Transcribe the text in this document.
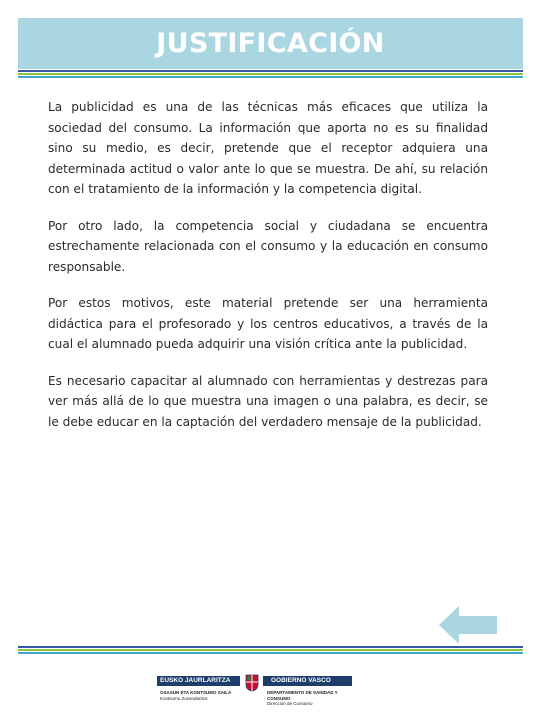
JUSTIFICACIÓN

La publicidad es una de las técnicas más eficaces que utiliza la sociedad del consumo. La información que aporta no es su finalidad sino su medio, es decir, pretende que el receptor adquiera una determinada actitud o valor ante lo que se muestra. De ahí, su relación con el tratamiento de la información y la competencia digital.

Por otro lado, la competencia social y ciudadana se encuentra estrechamente relacionada con el consumo y la educación en consumo responsable.

Por estos motivos, este material pretende ser una herramienta didáctica para el profesorado y los centros educativos, a través de la cual el alumnado pueda adquirir una visión crítica ante la publicidad.

Es necesario capacitar al alumnado con herramientas y destrezas para ver más allá de lo que muestra una imagen o una palabra, es decir, se le debe educar en la captación del verdadero mensaje de la publicidad.

EUSKO JAURLARITZA	GOBIERNO VASCO
OSASUN ETA KONTSUMO SAILA
Kontsumo Zuzendaritza
DEPARTAMENTO DE SANIDAD Y CONSUMO
Dirección de Consumo
